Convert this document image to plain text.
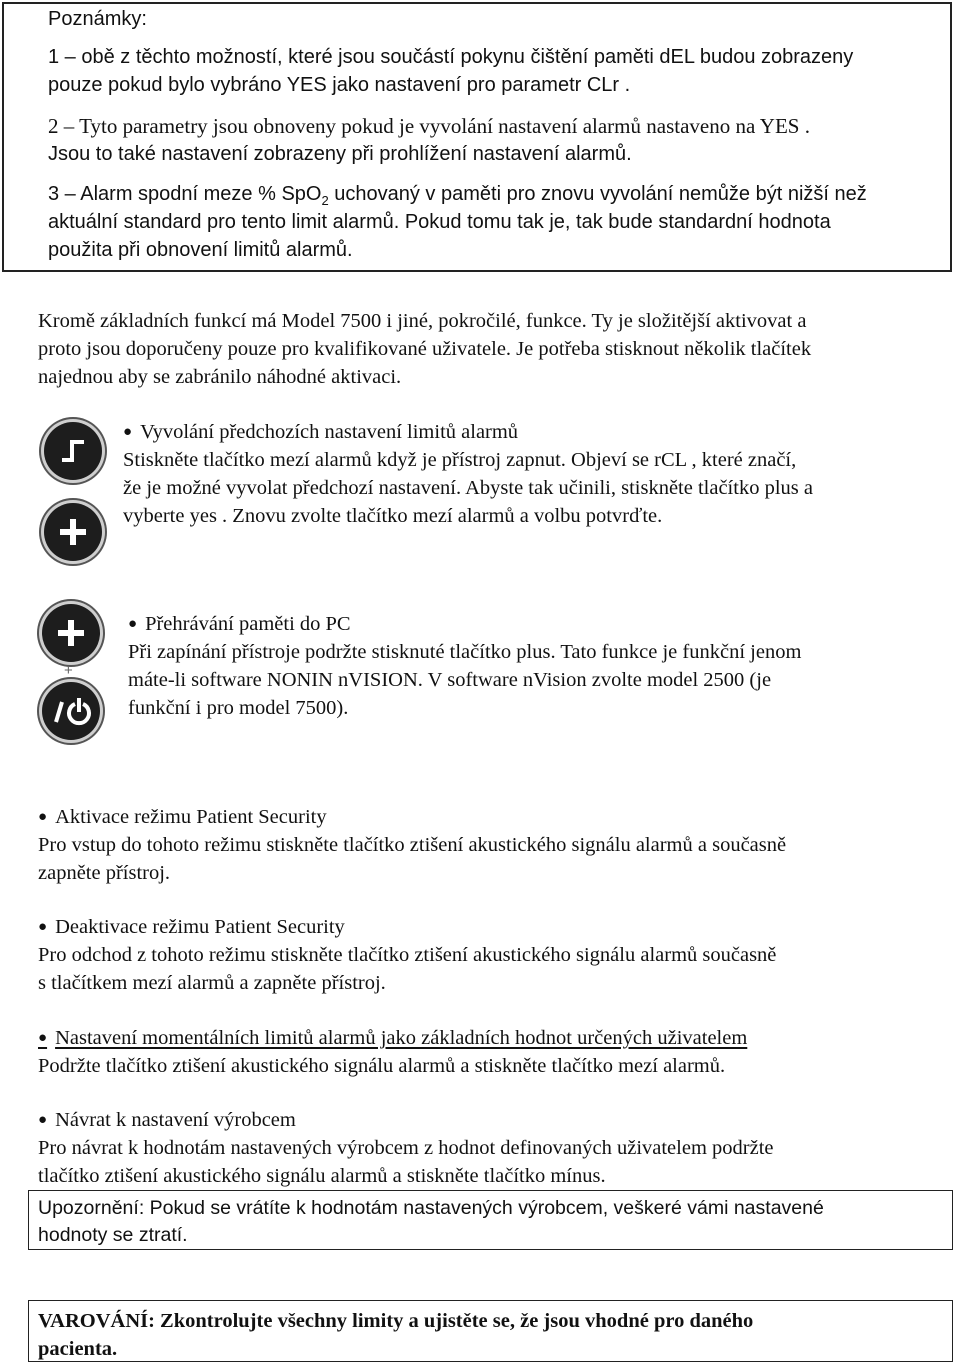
Poznámky:
1 – obě z těchto možností, které jsou součástí pokynu čištění paměti dEL budou zobrazeny
pouze pokud bylo vybráno YES jako nastavení pro parametr CLr .
2 – Tyto parametry jsou obnoveny pokud je vyvolání nastavení alarmů nastaveno na YES .
Jsou to také nastavení zobrazeny při prohlížení nastavení alarmů.
3 – Alarm spodní meze % SpO$_2$ uchovaný v paměti pro znovu vyvolání nemůže být nižší než
aktuální standard pro tento limit alarmů. Pokud tomu tak je, tak bude standardní hodnota
použita při obnovení limitů alarmů.
Kromě základních funkcí má Model 7500 i jiné, pokročilé, funkce. Ty je složitější aktivovat a
proto jsou doporučeny pouze pro kvalifikované uživatele. Je potřeba stisknout několik tlačítek
najednou aby se zabránilo náhodné aktivaci.
● Vyvolání předchozích nastavení limitů alarmů
Stiskněte tlačítko mezí alarmů když je přístroj zapnut. Objeví se rCL , které značí,
že je možné vyvolat předchozí nastavení. Abyste tak učinili, stiskněte tlačítko plus a
vyberte yes . Znovu zvolte tlačítko mezí alarmů a volbu potvrďte.
+
● Přehrávání paměti do PC
Při zapínání přístroje podržte stisknuté tlačítko plus. Tato funkce je funkční jenom
máte-li software NONIN nVISION. V software nVision zvolte model 2500 (je
funkční i pro model 7500).
● Aktivace režimu Patient Security
Pro vstup do tohoto režimu stiskněte tlačítko ztišení akustického signálu alarmů a současně
zapněte přístroj.
● Deaktivace režimu Patient Security
Pro odchod z tohoto režimu stiskněte tlačítko ztišení akustického signálu alarmů současně
s tlačítkem mezí alarmů a zapněte přístroj.
● Nastavení momentálních limitů alarmů jako základních hodnot určených uživatelem
Podržte tlačítko ztišení akustického signálu alarmů a stiskněte tlačítko mezí alarmů.
● Návrat k nastavení výrobcem
Pro návrat k hodnotám nastavených výrobcem z hodnot definovaných uživatelem podržte
tlačítko ztišení akustického signálu alarmů a stiskněte tlačítko mínus.
Upozornění: Pokud se vrátíte k hodnotám nastavených výrobcem, veškeré vámi nastavené
hodnoty se ztratí.
VAROVÁNÍ: Zkontrolujte všechny limity a ujistěte se, že jsou vhodné pro daného
pacienta.
